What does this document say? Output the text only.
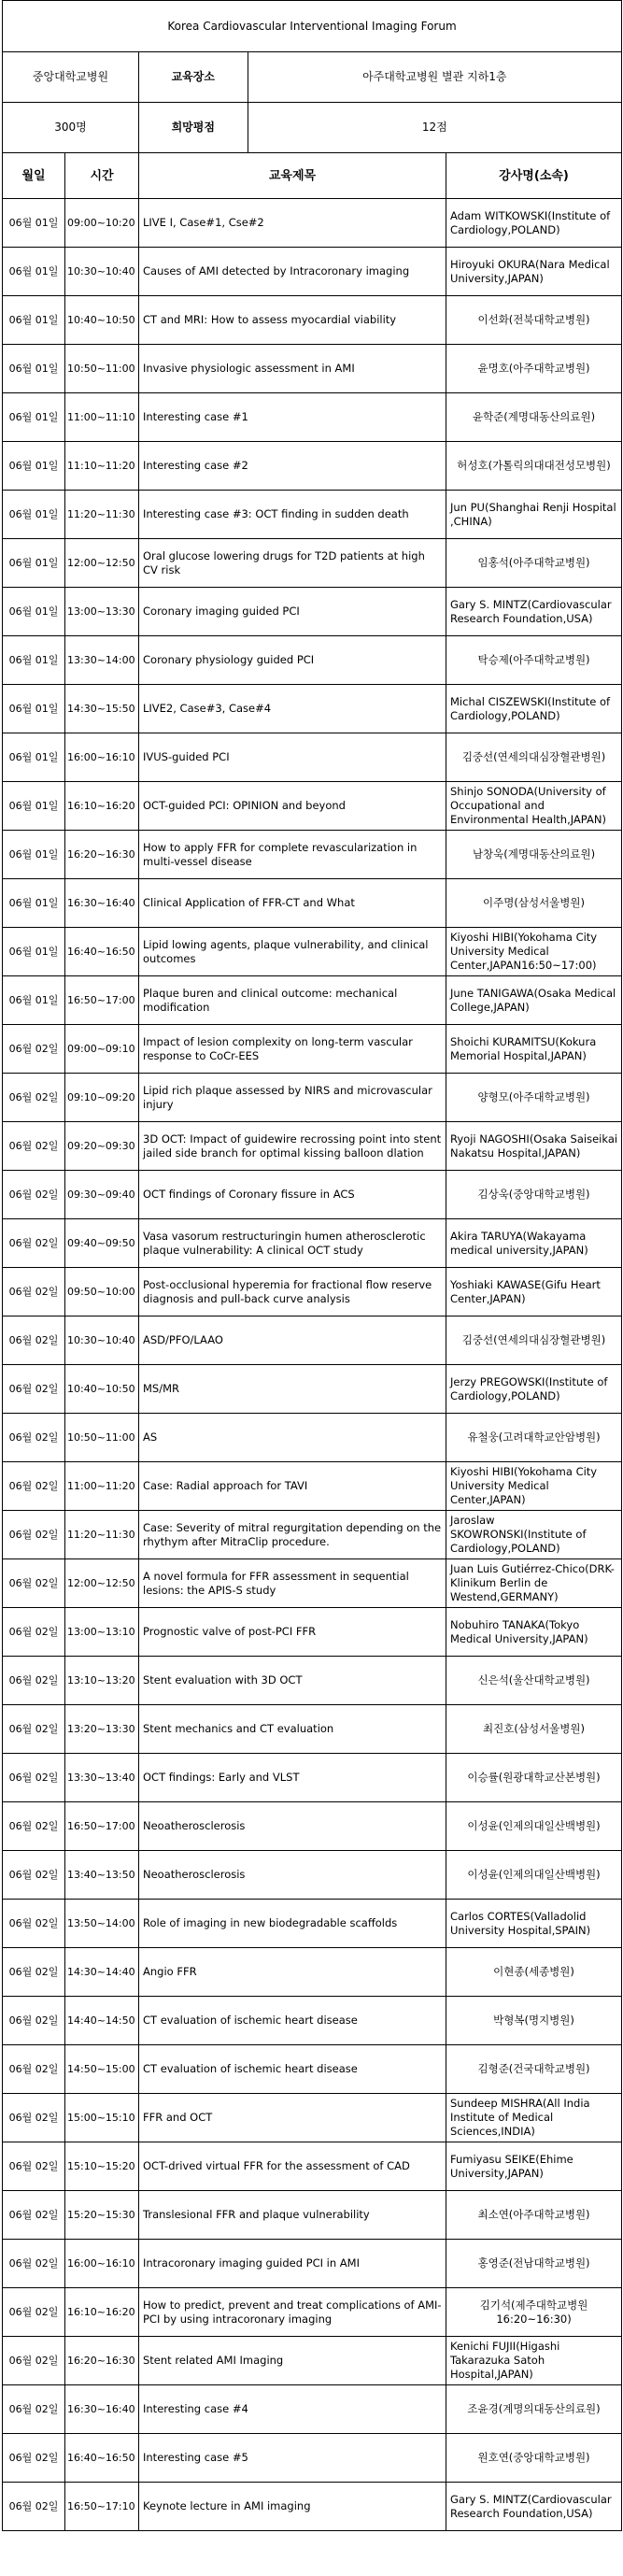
Korea Cardiovascular Interventional Imaging Forum
중앙대학교병원		교육장소	아주대학교병원 별관 지하1층

300명		희망평점	12점

월일	시간	교육제목	강사명(소속)
06월 01일	09:00~10:20	LIVE I, Case#1, Cse#2	Adam WITKOWSKI(Institute of Cardiology,POLAND)
06월 01일	10:30~10:40	Causes of AMI detected by Intracoronary imaging	Hiroyuki OKURA(Nara Medical University,JAPAN)
06월 01일	10:40~10:50	CT and MRI: How to assess myocardial viability	이선화(전북대학교병원)
06월 01일	10:50~11:00	Invasive physiologic assessment in AMI	윤명호(아주대학교병원)
06월 01일	11:00~11:10	Interesting case #1	윤학준(계명대동산의료원)
06월 01일	11:10~11:20	Interesting case #2	허성호(가톨릭의대대전성모병원)
06월 01일	11:20~11:30	Interesting case #3: OCT finding in sudden death	Jun PU(Shanghai Renji Hospital ,CHINA)
06월 01일	12:00~12:50	Oral glucose lowering drugs for T2D patients at high CV risk	임홍석(아주대학교병원)
06월 01일	13:00~13:30	Coronary imaging guided PCI	Gary S. MINTZ(Cardiovascular Research Foundation,USA)
06월 01일	13:30~14:00	Coronary physiology guided PCI	탁승제(아주대학교병원)
06월 01일	14:30~15:50	LIVE2, Case#3, Case#4	Michal CISZEWSKI(Institute of Cardiology,POLAND)
06월 01일	16:00~16:10	IVUS-guided PCI	김중선(연세의대심장혈관병원)
06월 01일	16:10~16:20	OCT-guided PCI: OPINION and beyond	Shinjo SONODA(University of Occupational and Environmental Health,JAPAN)
06월 01일	16:20~16:30	How to apply FFR for complete revascularization in multi-vessel disease	남창욱(계명대동산의료원)
06월 01일	16:30~16:40	Clinical Application of FFR-CT and What	이주명(삼성서울병원)
06월 01일	16:40~16:50	Lipid lowing agents, plaque vulnerability, and clinical outcomes	Kiyoshi HIBI(Yokohama City University Medical Center,JAPAN16:50~17:00)
06월 01일	16:50~17:00	Plaque buren and clinical outcome: mechanical modification	June TANIGAWA(Osaka Medical College,JAPAN)
06월 02일	09:00~09:10	Impact of lesion complexity on long-term vascular response to CoCr-EES	Shoichi KURAMITSU(Kokura Memorial Hospital,JAPAN)
06월 02일	09:10~09:20	Lipid rich plaque assessed by NIRS and microvascular injury	양형모(아주대학교병원)
06월 02일	09:20~09:30	3D OCT: Impact of guidewire recrossing point into stent jailed side branch for optimal kissing balloon dlation	Ryoji NAGOSHI(Osaka Saiseikai Nakatsu Hospital,JAPAN)
06월 02일	09:30~09:40	OCT findings of Coronary fissure in ACS	김상욱(중앙대학교병원)
06월 02일	09:40~09:50	Vasa vasorum restructuringin humen atherosclerotic plaque vulnerability: A clinical OCT study	Akira TARUYA(Wakayama medical university,JAPAN)
06월 02일	09:50~10:00	Post-occlusional hyperemia for fractional flow reserve diagnosis and pull-back curve analysis	Yoshiaki KAWASE(Gifu Heart Center,JAPAN)
06월 02일	10:30~10:40	ASD/PFO/LAAO	김중선(연세의대심장혈관병원)
06월 02일	10:40~10:50	MS/MR	Jerzy PREGOWSKI(Institute of Cardiology,POLAND)
06월 02일	10:50~11:00	AS	유철웅(고려대학교안암병원)
06월 02일	11:00~11:20	Case: Radial approach for TAVI	Kiyoshi HIBI(Yokohama City University Medical Center,JAPAN)
06월 02일	11:20~11:30	Case: Severity of mitral regurgitation depending on the rhythym after MitraClip procedure.	Jaroslaw SKOWRONSKI(Institute of Cardiology,POLAND)
06월 02일	12:00~12:50	A novel formula for FFR assessment in sequential lesions: the APIS-S study	Juan Luis Gutiérrez-Chico(DRK-Klinikum Berlin de Westend,GERMANY)
06월 02일	13:00~13:10	Prognostic valve of post-PCI FFR	Nobuhiro TANAKA(Tokyo Medical University,JAPAN)
06월 02일	13:10~13:20	Stent evaluation with 3D OCT	신은석(울산대학교병원)
06월 02일	13:20~13:30	Stent mechanics and CT evaluation	최진호(삼성서울병원)
06월 02일	13:30~13:40	OCT findings: Early and VLST	이승률(원광대학교산본병원)
06월 02일	16:50~17:00	Neoatherosclerosis	이성윤(인제의대일산백병원)
06월 02일	13:40~13:50	Neoatherosclerosis	이성윤(인제의대일산백병원)
06월 02일	13:50~14:00	Role of imaging in new biodegradable scaffolds	Carlos CORTES(Valladolid University Hospital,SPAIN)
06월 02일	14:30~14:40	Angio FFR	이현종(세종병원)
06월 02일	14:40~14:50	CT evaluation of ischemic heart disease	박형복(명지병원)
06월 02일	14:50~15:00	CT evaluation of ischemic heart disease	김형준(건국대학교병원)
06월 02일	15:00~15:10	FFR and OCT	Sundeep MISHRA(All India Institute of Medical Sciences,INDIA)
06월 02일	15:10~15:20	OCT-drived virtual FFR for the assessment of CAD	Fumiyasu SEIKE(Ehime University,JAPAN)
06월 02일	15:20~15:30	Translesional FFR and plaque vulnerability	최소연(아주대학교병원)
06월 02일	16:00~16:10	Intracoronary imaging guided PCI in AMI	홍영준(전남대학교병원)
06월 02일	16:10~16:20	How to predict, prevent and treat complications of AMI-PCI by using intracoronary imaging	김기석(제주대학교병원 16:20~16:30)
06월 02일	16:20~16:30	Stent related AMI Imaging	Kenichi FUJII(Higashi Takarazuka Satoh Hospital,JAPAN)
06월 02일	16:30~16:40	Interesting case #4	조윤경(계명의대동산의료원)
06월 02일	16:40~16:50	Interesting case #5	원호연(중앙대학교병원)
06월 02일	16:50~17:10	Keynote lecture in AMI imaging	Gary S. MINTZ(Cardiovascular Research Foundation,USA)
